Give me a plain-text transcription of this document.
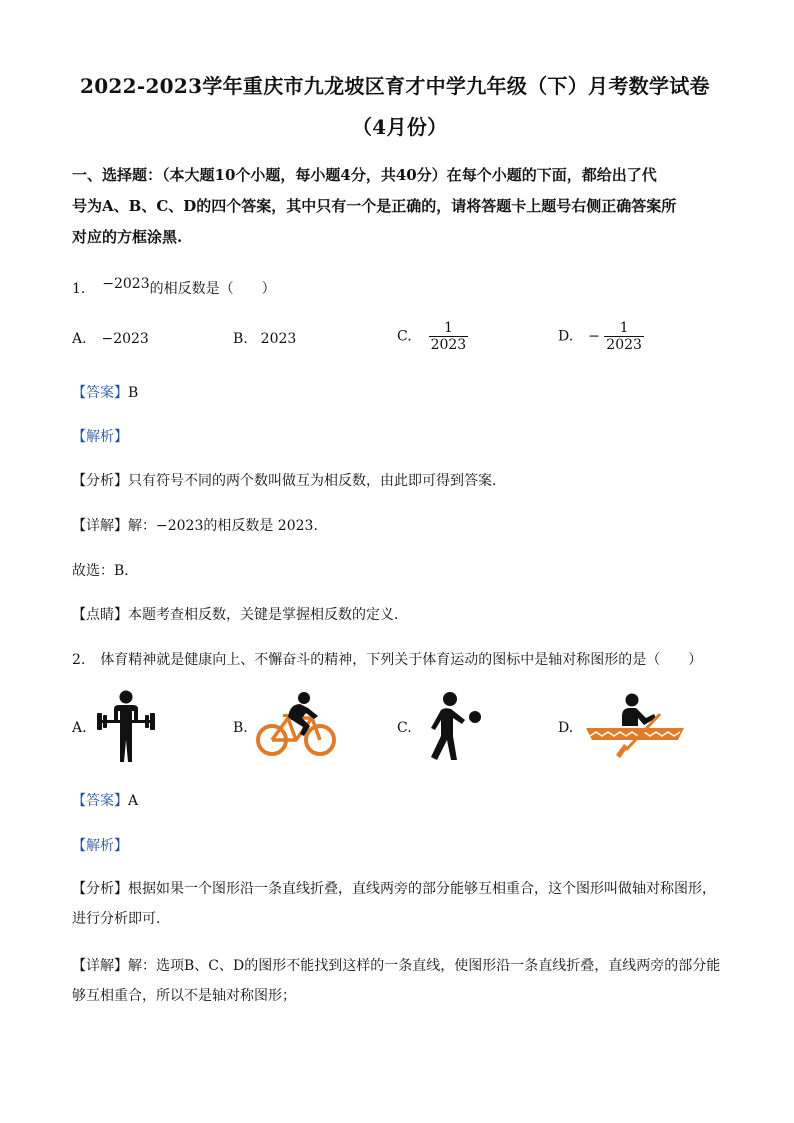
2022-2023学年重庆市九龙坡区育才中学九年级（下）月考数学试卷
（4月份）
一、选择题：（本大题10个小题，每小题4分，共40分）在每个小题的下面，都给出了代
号为A、B、C、D的四个答案，其中只有一个是正确的，请将答题卡上题号右侧正确答案所
对应的方框涂黑.
1. −2023的相反数是（　　）
A. −2023	B. 2023	C. $\frac{1}{2023}$	D. − $\frac{1}{2023}$
【答案】B
【解析】
【分析】只有符号不同的两个数叫做互为相反数，由此即可得到答案．
【详解】解：−2023的相反数是 2023．
故选：B．
【点睛】本题考查相反数，关键是掌握相反数的定义．
2. 体育精神就是健康向上、不懈奋斗的精神，下列关于体育运动的图标中是轴对称图形的是（　　）
A.	B.	C.	D.
【答案】A
【解析】
【分析】根据如果一个图形沿一条直线折叠，直线两旁的部分能够互相重合，这个图形叫做轴对称图形，
进行分析即可．
【详解】解：选项B、C、D的图形不能找到这样的一条直线，使图形沿一条直线折叠，直线两旁的部分能
够互相重合，所以不是轴对称图形；
